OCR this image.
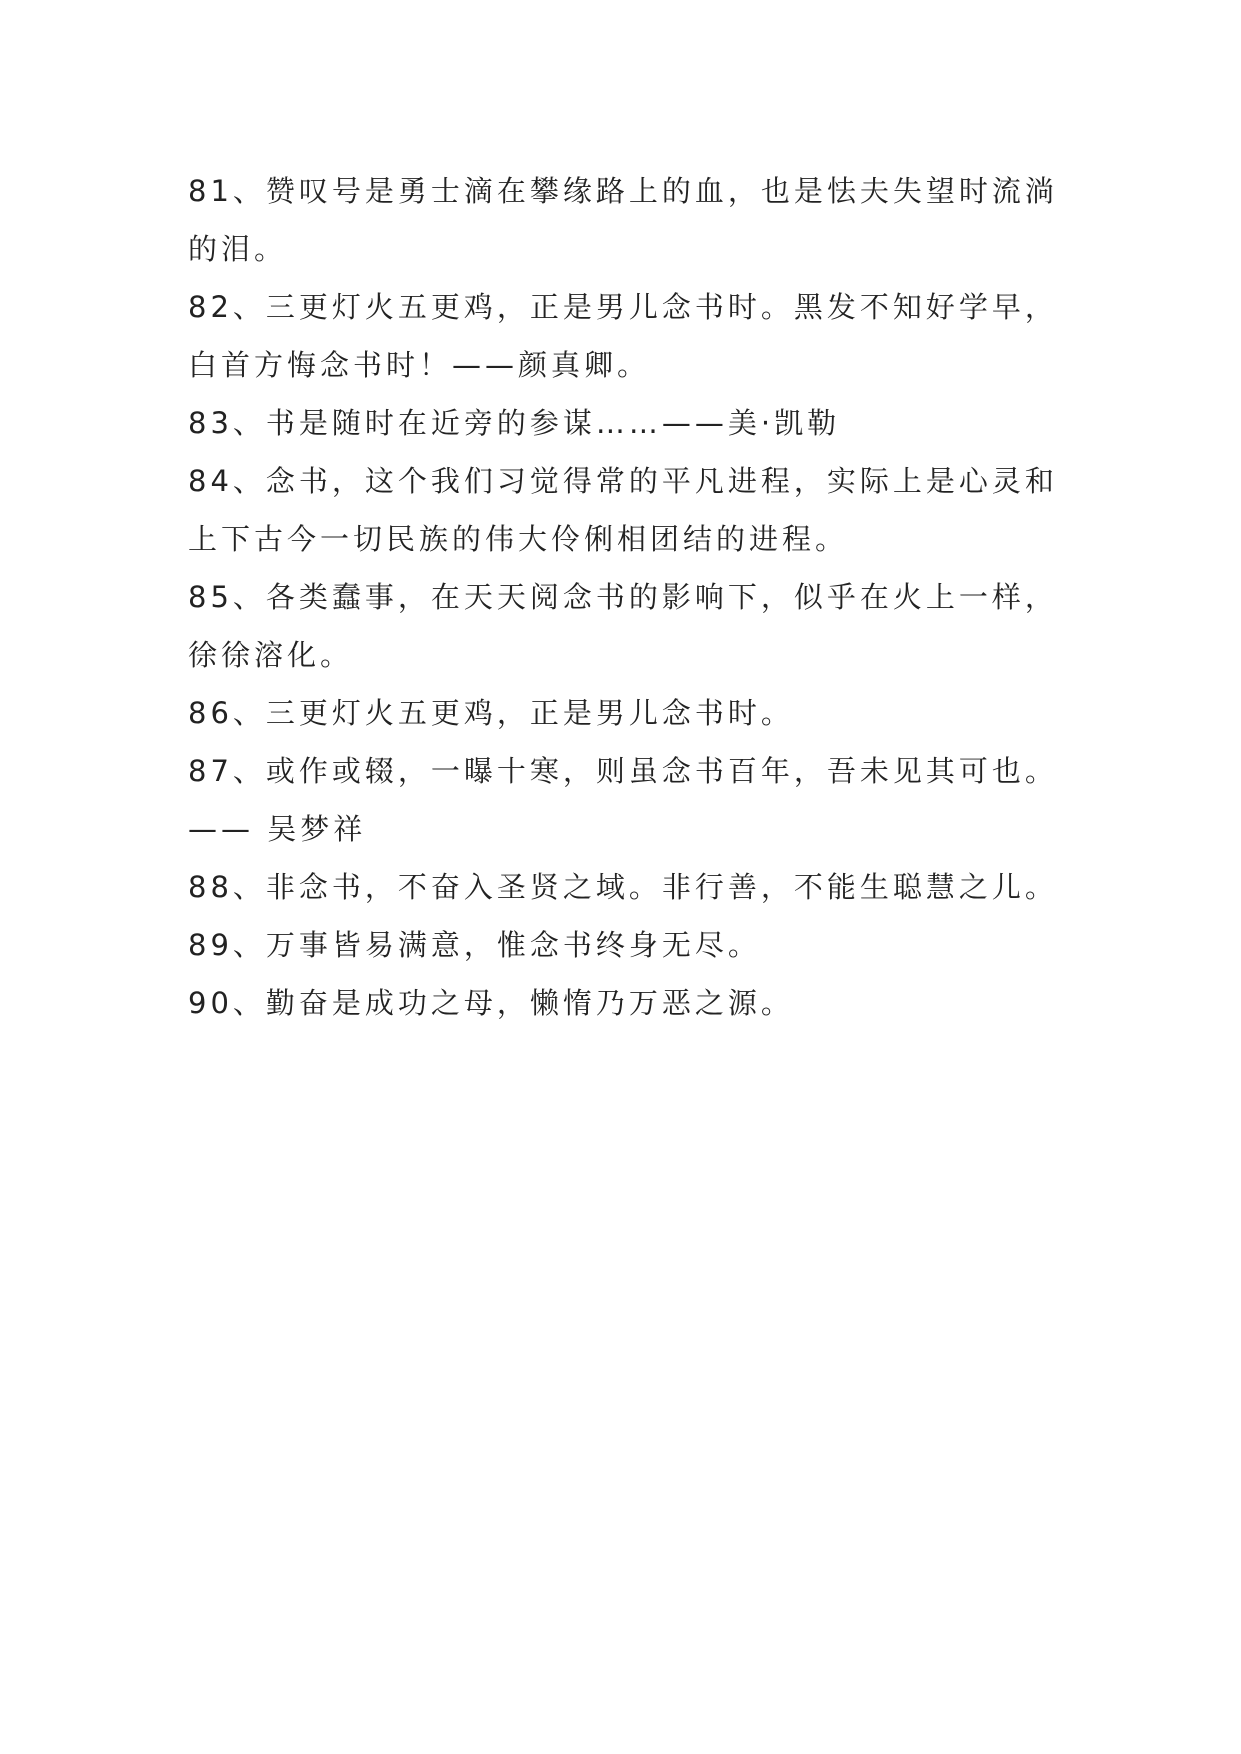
81、赞叹号是勇士滴在攀缘路上的血，也是怯夫失望时流淌的泪。

82、三更灯火五更鸡，正是男儿念书时。黑发不知好学早，白首方悔念书时！——颜真卿。

83、书是随时在近旁的参谋……——美·凯勒

84、念书，这个我们习觉得常的平凡进程，实际上是心灵和上下古今一切民族的伟大伶俐相团结的进程。

85、各类蠢事，在天天阅念书的影响下，似乎在火上一样，徐徐溶化。

86、三更灯火五更鸡，正是男儿念书时。

87、或作或辍，一曝十寒，则虽念书百年，吾未见其可也。—— 吴梦祥

88、非念书，不奋入圣贤之域。非行善，不能生聪慧之儿。

89、万事皆易满意，惟念书终身无尽。

90、勤奋是成功之母，懒惰乃万恶之源。
